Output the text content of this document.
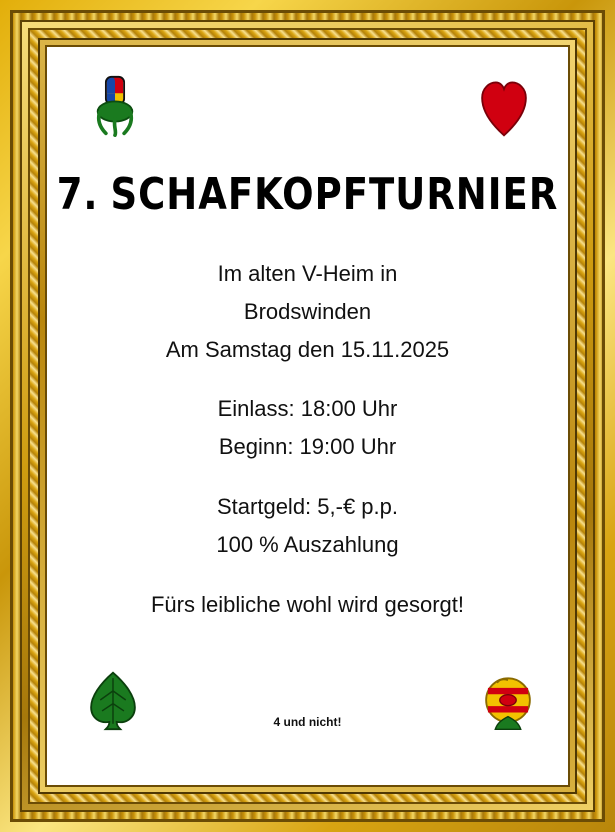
7. SCHAFKOPFTURNIER
Im alten V-Heim in
Brodswinden
Am Samstag den 15.11.2025
Einlass: 18:00 Uhr
Beginn: 19:00 Uhr
Startgeld: 5,-€ p.p.
100 % Auszahlung
Fürs leibliche wohl wird gesorgt!
4 und nicht!
